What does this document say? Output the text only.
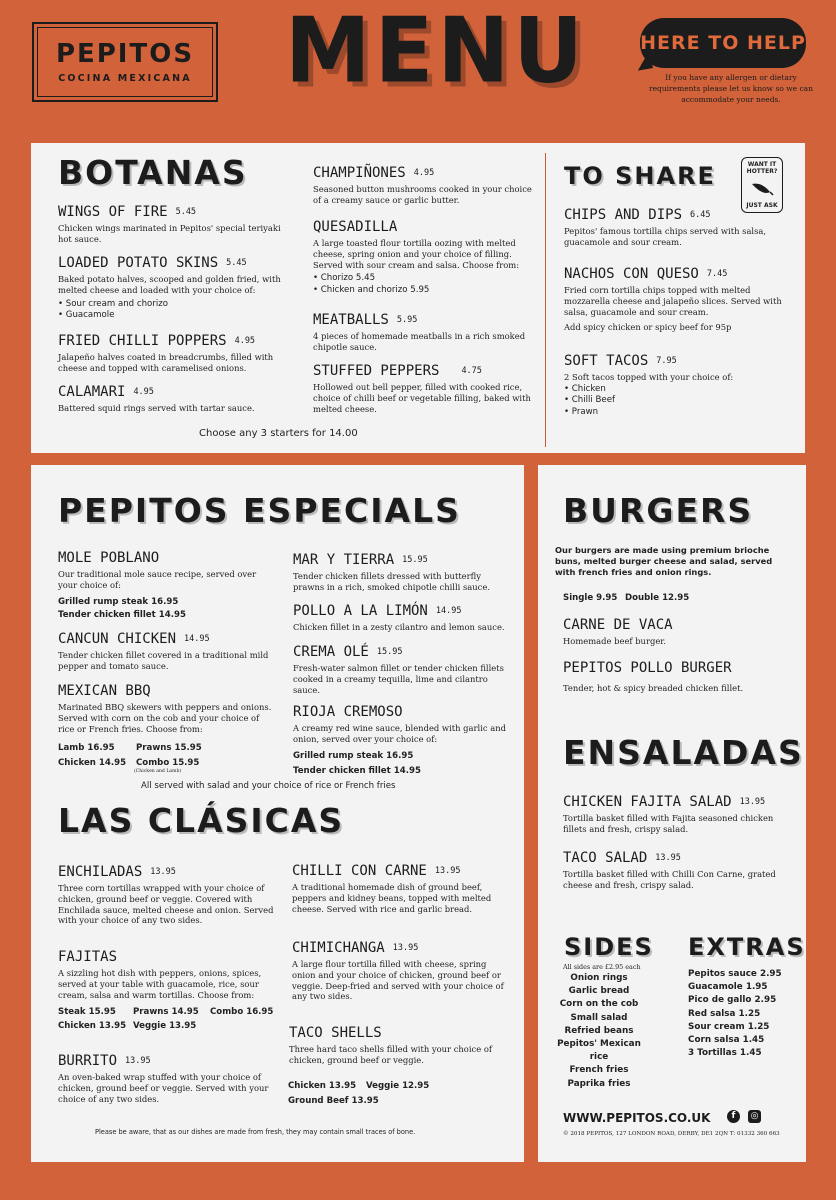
PEPITOS
COCINA MEXICANA MENU	HERE TO HELP
If you have any allergen or dietary requirements please let us know so we can accommodate your needs.
BOTANAS
WINGS OF FIRE 5.45
Chicken wings marinated in Pepitos' special teriyaki hot sauce.
LOADED POTATO SKINS 5.45
Baked potato halves, scooped and golden fried, with melted cheese and loaded with your choice of:
• Sour cream and chorizo
• Guacamole
FRIED CHILLI POPPERS 4.95
Jalapeño halves coated in breadcrumbs, filled with cheese and topped with caramelised onions.
CALAMARI 4.95
Battered squid rings served with tartar sauce.
CHAMPIÑONES 4.95
Seasoned button mushrooms cooked in your choice of a creamy sauce or garlic butter.
QUESADILLA
A large toasted flour tortilla oozing with melted cheese, spring onion and your choice of filling. Served with sour cream and salsa. Choose from:
• Chorizo 5.45
• Chicken and chorizo 5.95
MEATBALLS 5.95
4 pieces of homemade meatballs in a rich smoked chipotle sauce.
STUFFED PEPPERS	4.75
Hollowed out bell pepper, filled with cooked rice, choice of chilli beef or vegetable filling, baked with melted cheese.
Choose any 3 starters for 14.00
TO SHARE	WANT IT HOTTER?
JUST ASK
CHIPS AND DIPS 6.45
Pepitos' famous tortilla chips served with salsa, guacamole and sour cream.
NACHOS CON QUESO 7.45
Fried corn tortilla chips topped with melted mozzarella cheese and jalapeño slices. Served with salsa, guacamole and sour cream.
Add spicy chicken or spicy beef for 95p
SOFT TACOS 7.95
2 Soft tacos topped with your choice of:
• Chicken
• Chilli Beef
• Prawn
PEPITOS ESPECIALS
MOLE POBLANO
Our traditional mole sauce recipe, served over your choice of:
Grilled rump steak 16.95
Tender chicken fillet 14.95
CANCUN CHICKEN 14.95
Tender chicken fillet covered in a traditional mild pepper and tomato sauce.
MEXICAN BBQ
Marinated BBQ skewers with peppers and onions. Served with corn on the cob and your choice of rice or French fries. Choose from:
Lamb 16.95
Chicken 14.95
Prawns 15.95
Combo 15.95
(Chicken and Lamb)
MAR Y TIERRA 15.95
Tender chicken fillets dressed with butterfly prawns in a rich, smoked chipotle chilli sauce.
POLLO A LA LIMÓN 14.95
Chicken fillet in a zesty cilantro and lemon sauce.
CREMA OLÉ 15.95
Fresh-water salmon fillet or tender chicken fillets cooked in a creamy tequilla, lime and cilantro sauce.
RIOJA CREMOSO
A creamy red wine sauce, blended with garlic and onion, served over your choice of:
Grilled rump steak 16.95
Tender chicken fillet 14.95
All served with salad and your choice of rice or French fries
LAS CLÁSICAS
ENCHILADAS 13.95
Three corn tortillas wrapped with your choice of chicken, ground beef or veggie. Covered with Enchilada sauce, melted cheese and onion. Served with your choice of any two sides.
FAJITAS
A sizzling hot dish with peppers, onions, spices, served at your table with guacamole, rice, sour cream, salsa and warm tortillas. Choose from:
Steak 15.95 Prawns 14.95 Combo 16.95
Chicken 13.95 Veggie 13.95
BURRITO 13.95
An oven-baked wrap stuffed with your choice of chicken, ground beef or veggie. Served with your choice of any two sides.
CHILLI CON CARNE 13.95
A traditional homemade dish of ground beef, peppers and kidney beans, topped with melted cheese. Served with rice and garlic bread.
CHIMICHANGA 13.95
A large flour tortilla filled with cheese, spring onion and your choice of chicken, ground beef or veggie. Deep-fried and served with your choice of any two sides.
TACO SHELLS
Three hard taco shells filled with your choice of chicken, ground beef or veggie.
Chicken 13.95 Veggie 12.95
Ground Beef 13.95
Please be aware, that as our dishes are made from fresh, they may contain small traces of bone.
BURGERS
Our burgers are made using premium brioche buns, melted burger cheese and salad, served with french fries and onion rings.
Single 9.95 Double 12.95
CARNE DE VACA
Homemade beef burger.
PEPITOS POLLO BURGER
Tender, hot & spicy breaded chicken fillet.
ENSALADAS
CHICKEN FAJITA SALAD 13.95
Tortilla basket filled with Fajita seasoned chicken fillets and fresh, crispy salad.
TACO SALAD 13.95
Tortilla basket filled with Chilli Con Carne, grated cheese and fresh, crispy salad.
SIDES
All sides are £2.95 each
Onion rings
Garlic bread
Corn on the cob
Small salad
Refried beans
Pepitos' Mexican rice
French fries
Paprika fries
EXTRAS
Pepitos sauce 2.95
Guacamole 1.95
Pico de gallo 2.95
Red salsa 1.25
Sour cream 1.25
Corn salsa 1.45
3 Tortillas 1.45
WWW.PEPITOS.CO.UK	f	◎
© 2018 PEPITOS, 127 LONDON ROAD, DERBY, DE1 2QN T: 01332 360 663
